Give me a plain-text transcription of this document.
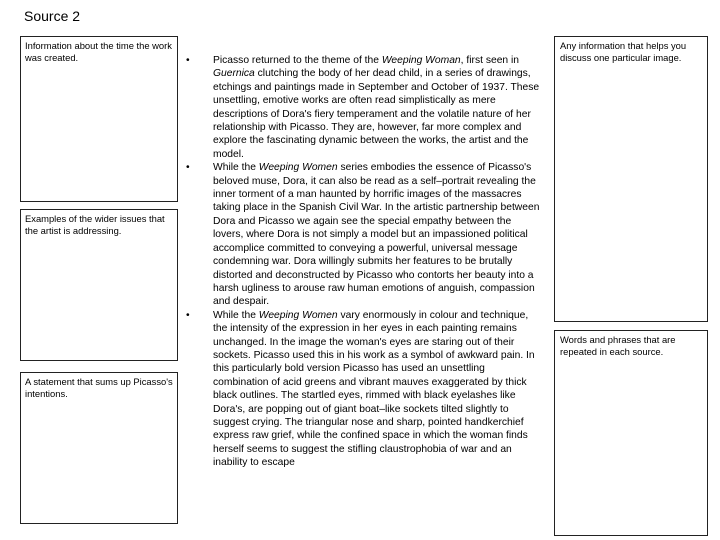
Source 2
Information about the time the work was created.
Examples of the wider issues that the artist is addressing.
A statement that sums up Picasso's intentions.
• Picasso returned to the theme of the Weeping Woman, first seen in Guernica clutching the body of her dead child, in a series of drawings, etchings and paintings made in September and October of 1937. These unsettling, emotive works are often read simplistically as mere descriptions of Dora's fiery temperament and the volatile nature of her relationship with Picasso. They are, however, far more complex and explore the fascinating dynamic between the works, the artist and the model.

• While the Weeping Women series embodies the essence of Picasso's beloved muse, Dora, it can also be read as a self–portrait revealing the inner torment of a man haunted by horrific images of the massacres taking place in the Spanish Civil War. In the artistic partnership between Dora and Picasso we again see the special empathy between the lovers, where Dora is not simply a model but an impassioned political accomplice committed to conveying a powerful, universal message condemning war. Dora willingly submits her features to be brutally distorted and deconstructed by Picasso who contorts her beauty into a harsh ugliness to arouse raw human emotions of anguish, compassion and despair.

• While the Weeping Women vary enormously in colour and technique, the intensity of the expression in her eyes in each painting remains unchanged. In the image the woman's eyes are staring out of their sockets. Picasso used this in his work as a symbol of awkward pain. In this particularly bold version Picasso has used an unsettling combination of acid greens and vibrant mauves exaggerated by thick black outlines. The startled eyes, rimmed with black eyelashes like Dora's, are popping out of giant boat–like sockets tilted slightly to suggest crying. The triangular nose and sharp, pointed handkerchief express raw grief, while the confined space in which the woman finds herself seems to suggest the stifling claustrophobia of war and an inability to escape

Any information that helps you discuss one particular image.
Words and phrases that are repeated in each source.
